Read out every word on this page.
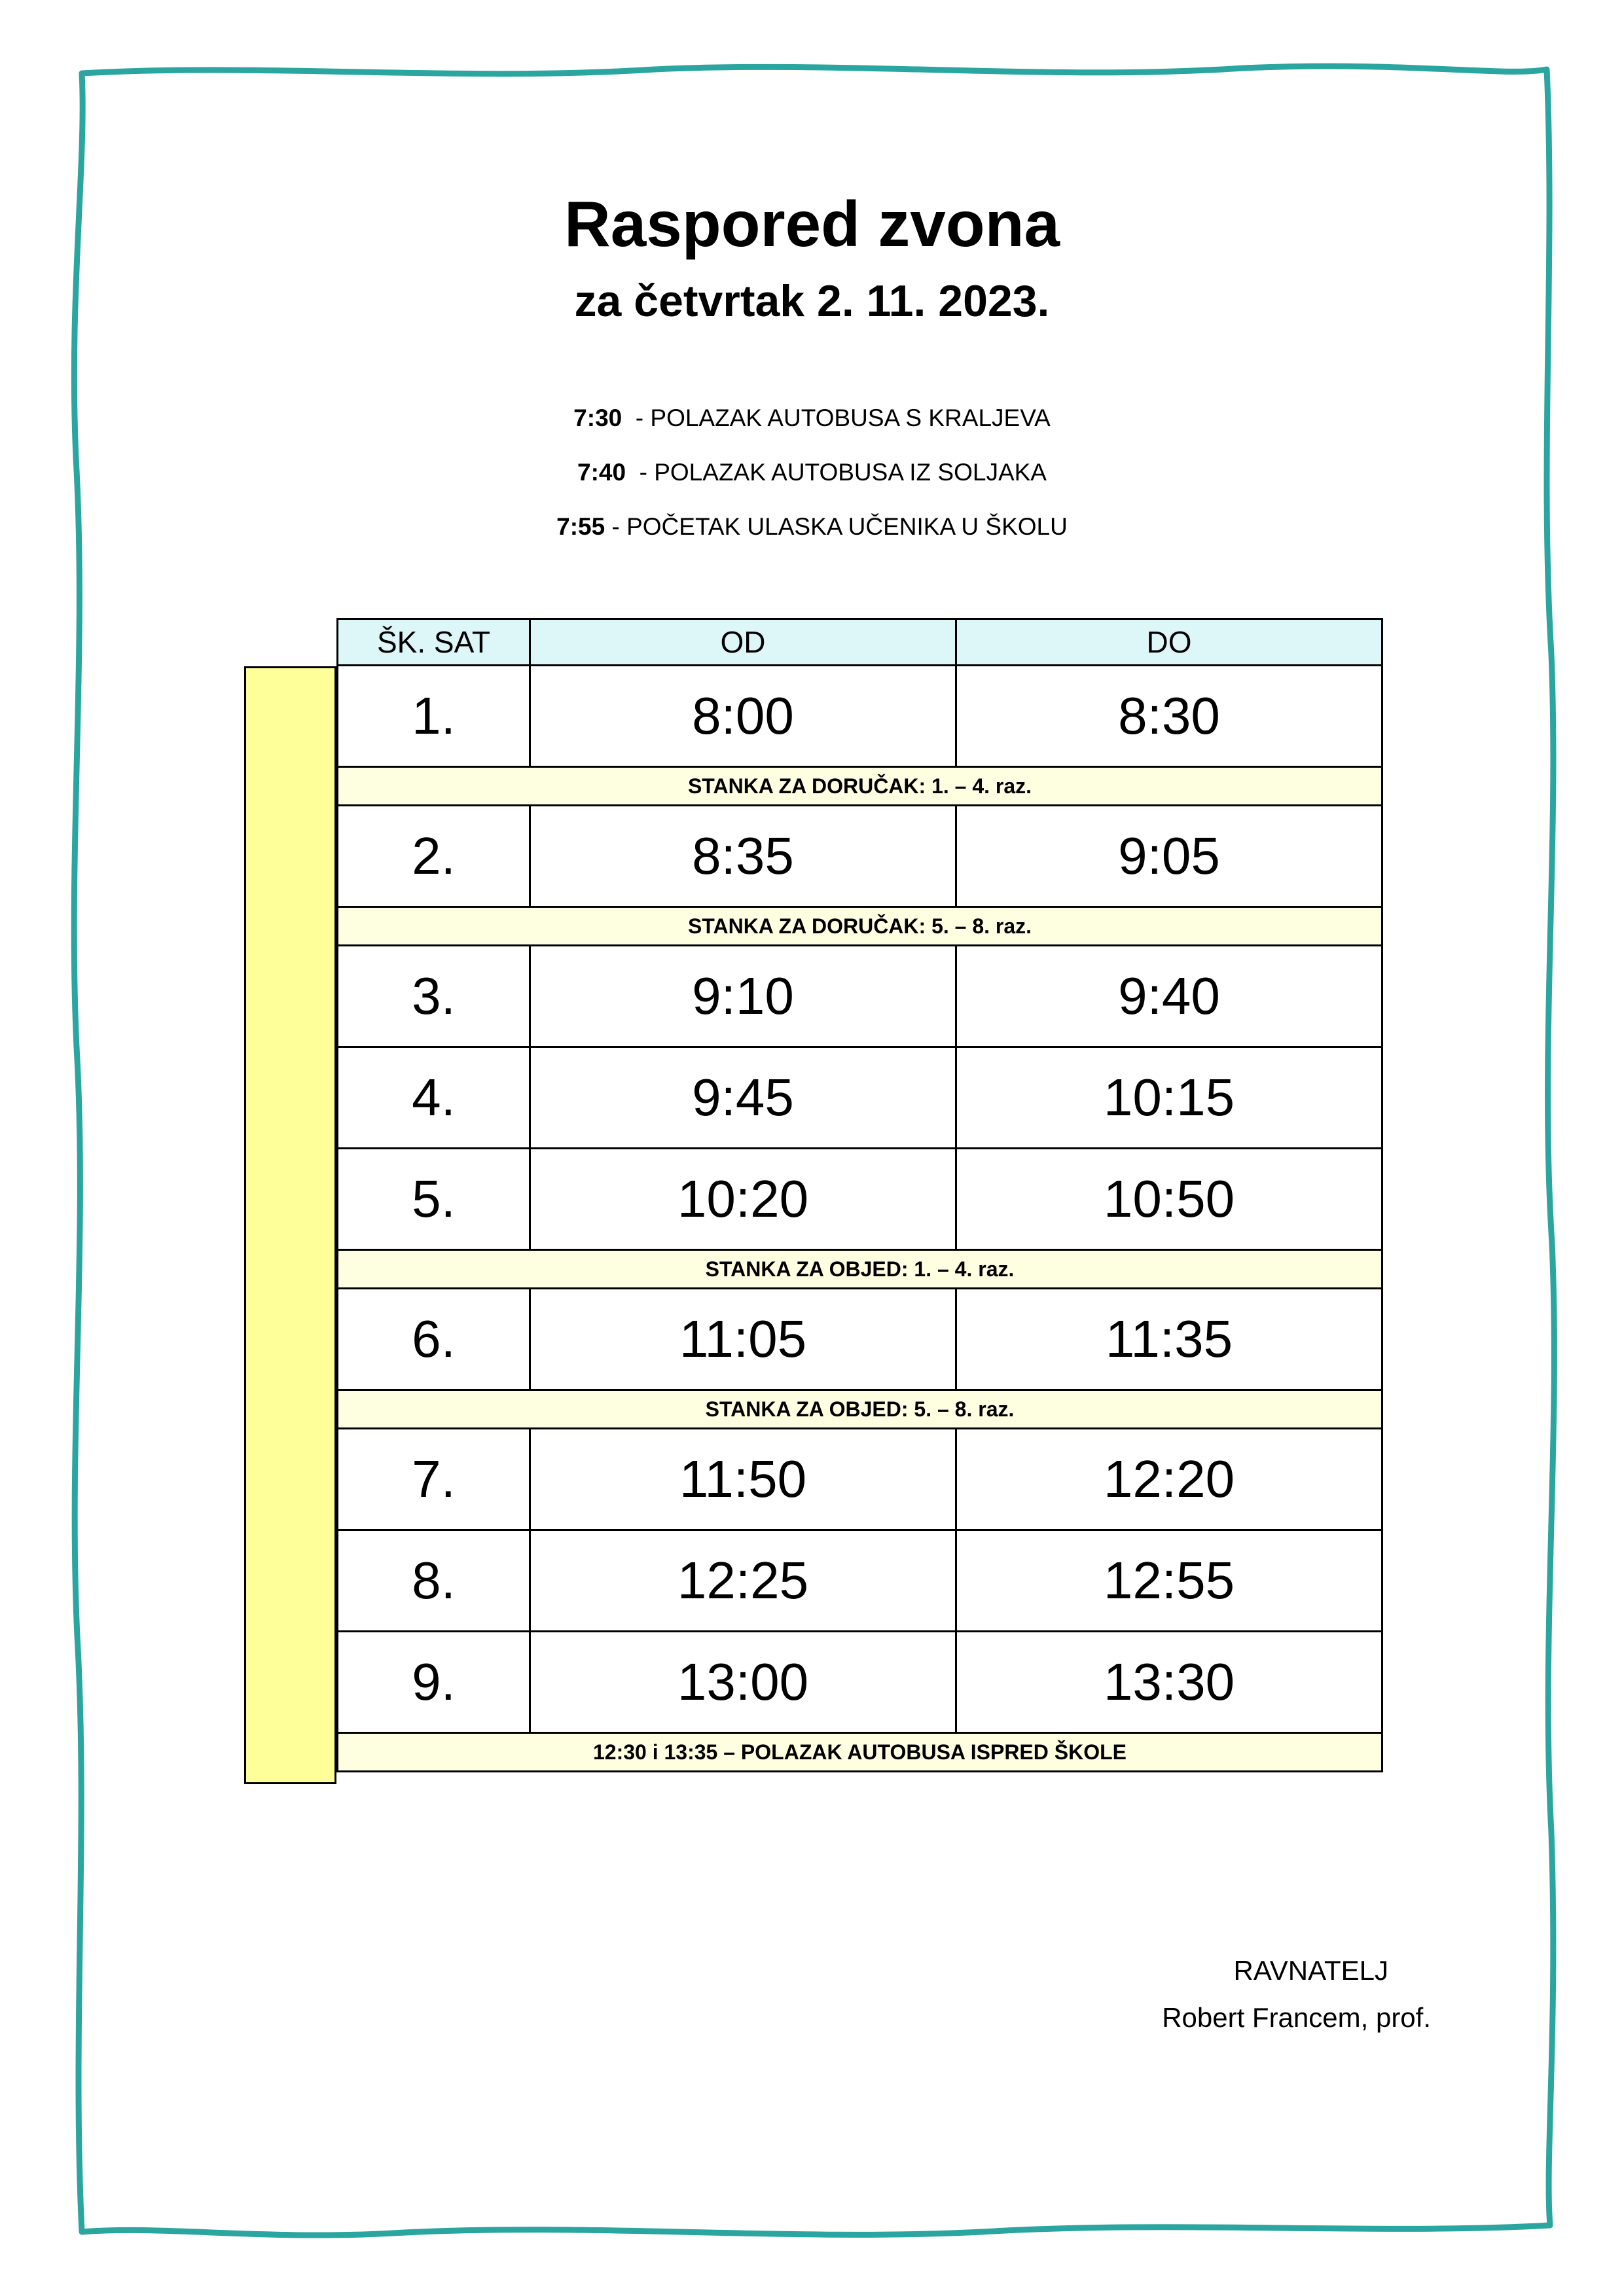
Raspored zvona
za četvrtak 2. 11. 2023.
7:30  - POLAZAK AUTOBUSA S KRALJEVA
7:40  - POLAZAK AUTOBUSA IZ SOLJAKA
7:55 - POČETAK ULASKA UČENIKA U ŠKOLU
ŠK. SAT	OD	DO
1.	8:00	8:30
STANKA ZA DORUČAK: 1. – 4. raz.		
2.	8:35	9:05
STANKA ZA DORUČAK: 5. – 8. raz.		
3.	9:10	9:40
4.	9:45	10:15
5.	10:20	10:50
STANKA ZA OBJED: 1. – 4. raz.		
6.	11:05	11:35
STANKA ZA OBJED: 5. – 8. raz.		
7.	11:50	12:20
8.	12:25	12:55
9.	13:00	13:30
12:30 i 13:35 – POLAZAK AUTOBUSA ISPRED ŠKOLE		
RAVNATELJ
Robert Francem, prof.
